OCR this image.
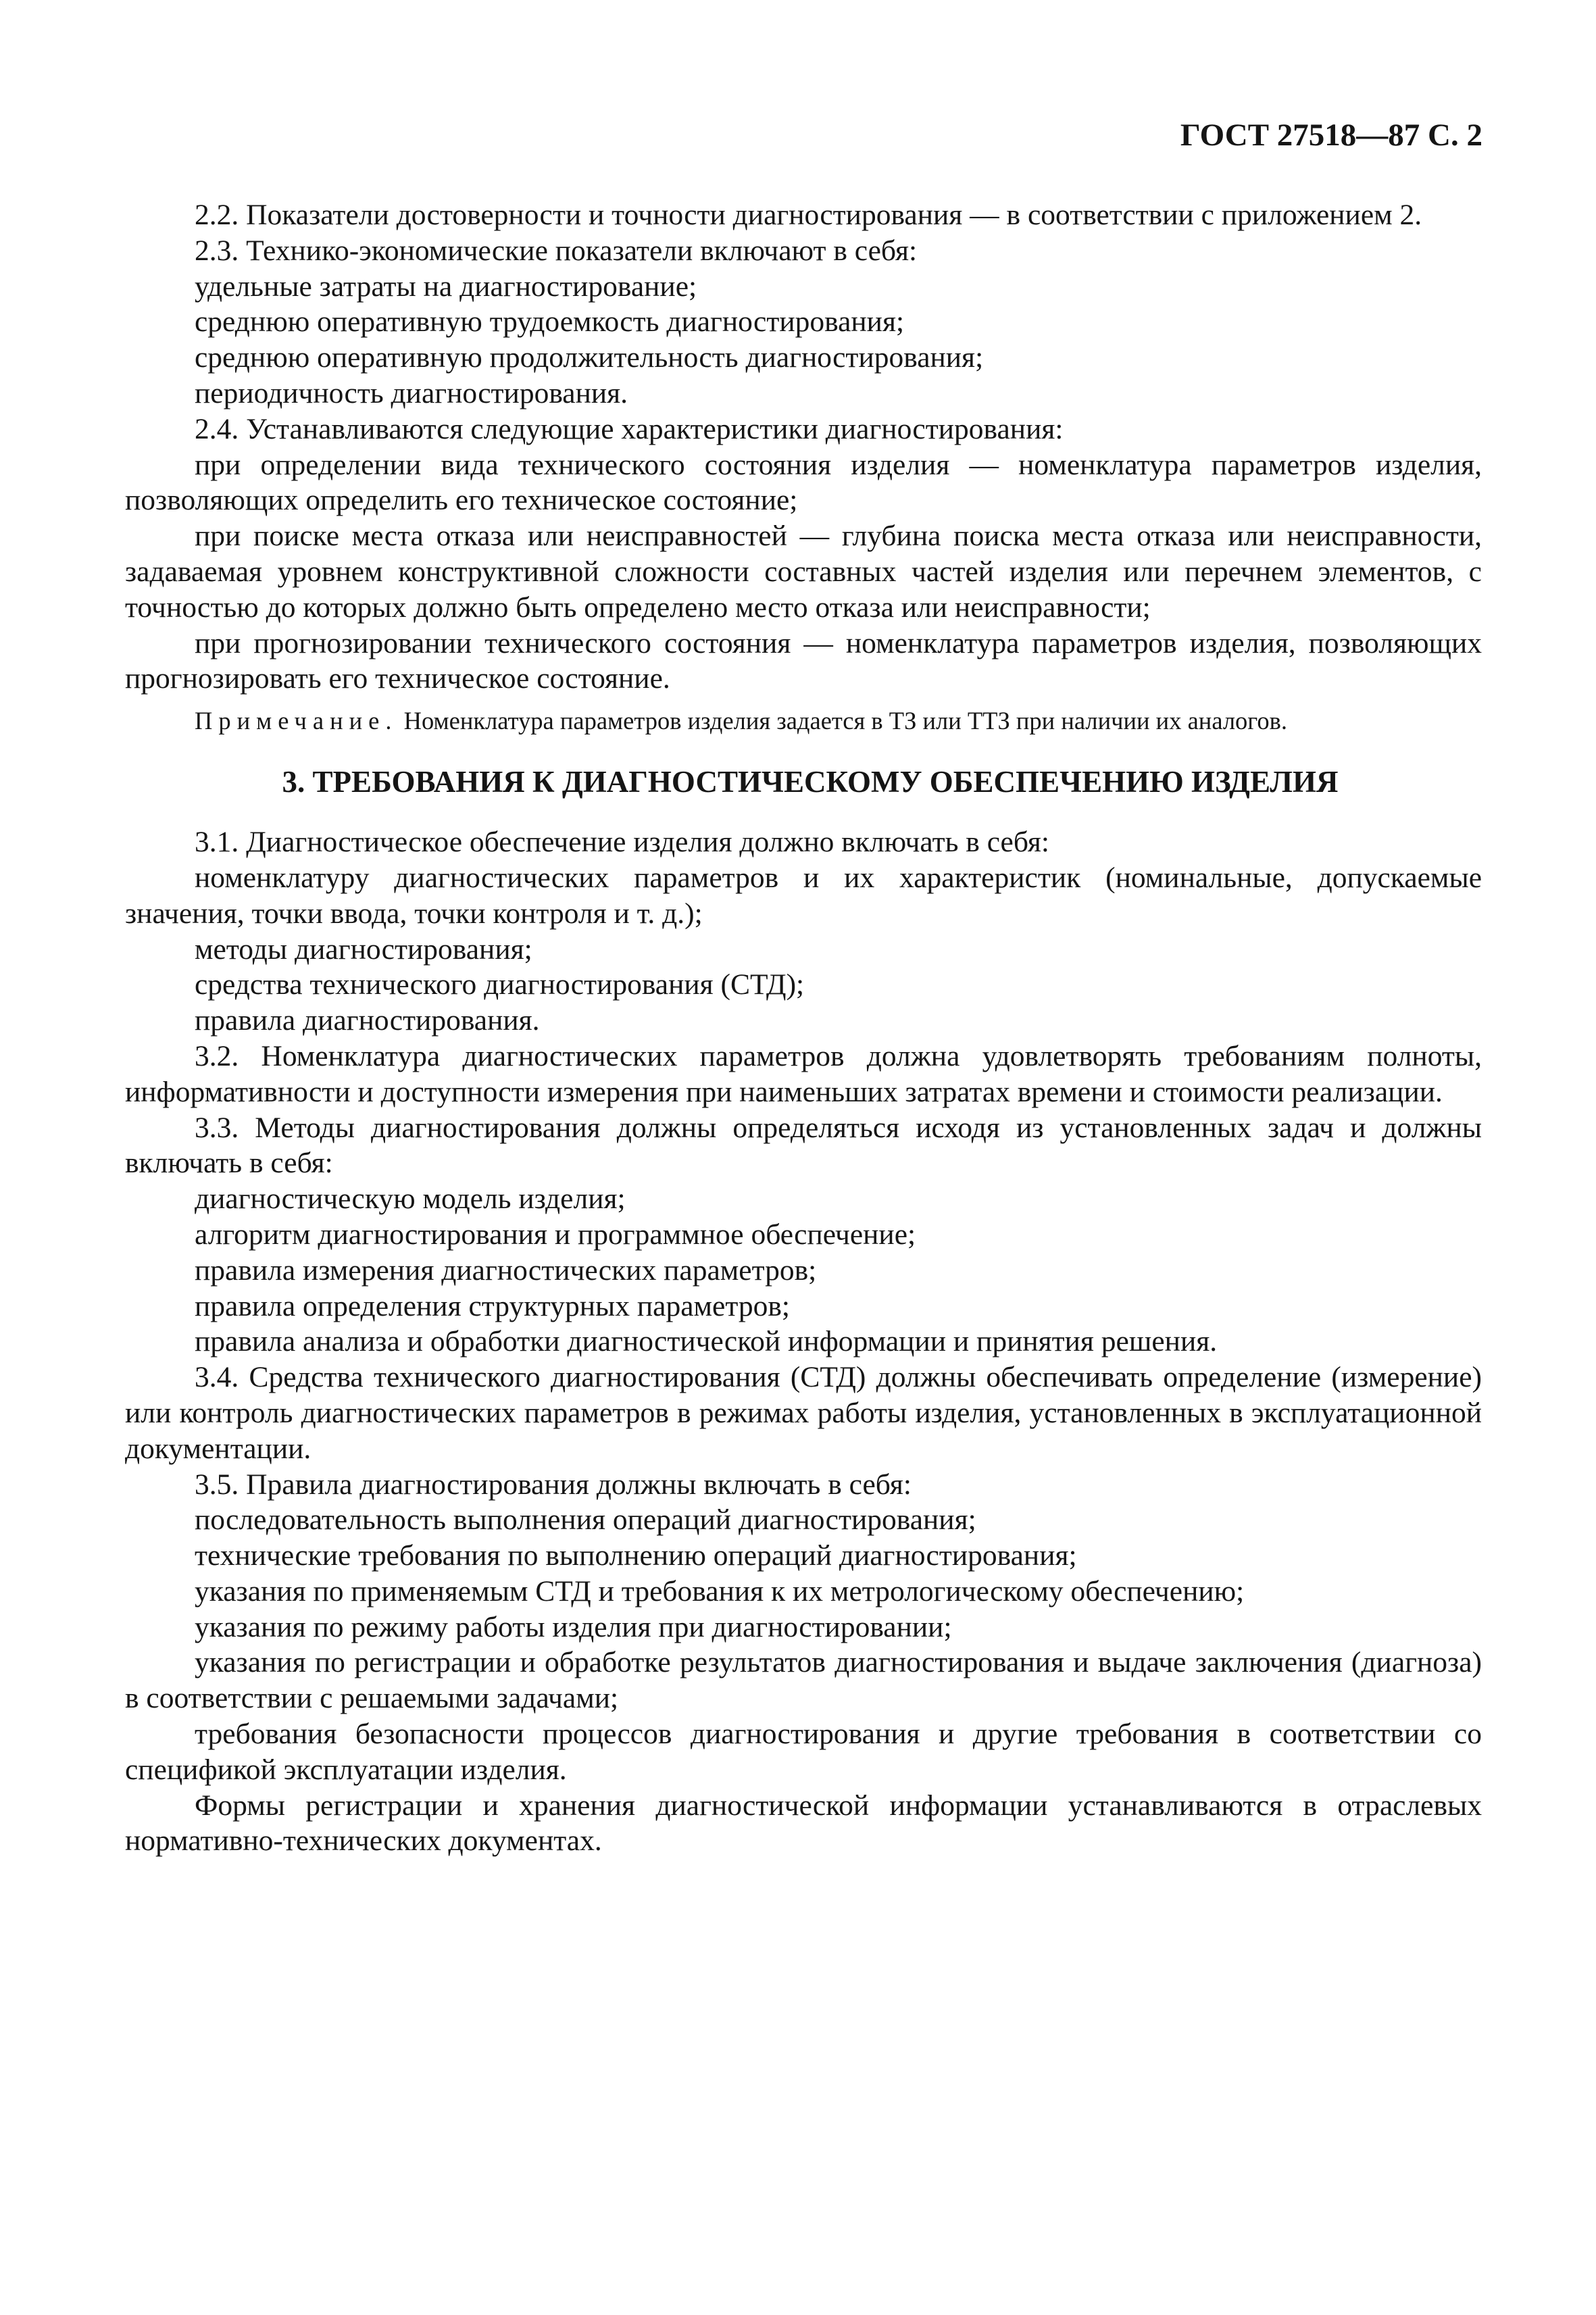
ГОСТ 27518—87 С. 2

2.2. Показатели достоверности и точности диагностирования — в соответствии с приложением 2.

2.3. Технико-экономические показатели включают в себя:

удельные затраты на диагностирование;

среднюю оперативную трудоемкость диагностирования;

среднюю оперативную продолжительность диагностирования;

периодичность диагностирования.

2.4. Устанавливаются следующие характеристики диагностирования:

при определении вида технического состояния изделия — номенклатура параметров изделия, позволяющих определить его техническое состояние;

при поиске места отказа или неисправностей — глубина поиска места отказа или неисправности, задаваемая уровнем конструктивной сложности составных частей изделия или перечнем элементов, с точностью до которых должно быть определено место отказа или неисправности;

при прогнозировании технического состояния — номенклатура параметров изделия, позволяющих прогнозировать его техническое состояние.

Примечание. Номенклатура параметров изделия задается в ТЗ или ТТЗ при наличии их аналогов.

3. ТРЕБОВАНИЯ К ДИАГНОСТИЧЕСКОМУ ОБЕСПЕЧЕНИЮ ИЗДЕЛИЯ

3.1. Диагностическое обеспечение изделия должно включать в себя:

номенклатуру диагностических параметров и их характеристик (номинальные, допускаемые значения, точки ввода, точки контроля и т. д.);

методы диагностирования;

средства технического диагностирования (СТД);

правила диагностирования.

3.2. Номенклатура диагностических параметров должна удовлетворять требованиям полноты, информативности и доступности измерения при наименьших затратах времени и стоимости реализации.

3.3. Методы диагностирования должны определяться исходя из установленных задач и должны включать в себя:

диагностическую модель изделия;

алгоритм диагностирования и программное обеспечение;

правила измерения диагностических параметров;

правила определения структурных параметров;

правила анализа и обработки диагностической информации и принятия решения.

3.4. Средства технического диагностирования (СТД) должны обеспечивать определение (измерение) или контроль диагностических параметров в режимах работы изделия, установленных в эксплуатационной документации.

3.5. Правила диагностирования должны включать в себя:

последовательность выполнения операций диагностирования;

технические требования по выполнению операций диагностирования;

указания по применяемым СТД и требования к их метрологическому обеспечению;

указания по режиму работы изделия при диагностировании;

указания по регистрации и обработке результатов диагностирования и выдаче заключения (диагноза) в соответствии с решаемыми задачами;

требования безопасности процессов диагностирования и другие требования в соответствии со спецификой эксплуатации изделия.

Формы регистрации и хранения диагностической информации устанавливаются в отраслевых нормативно-технических документах.
